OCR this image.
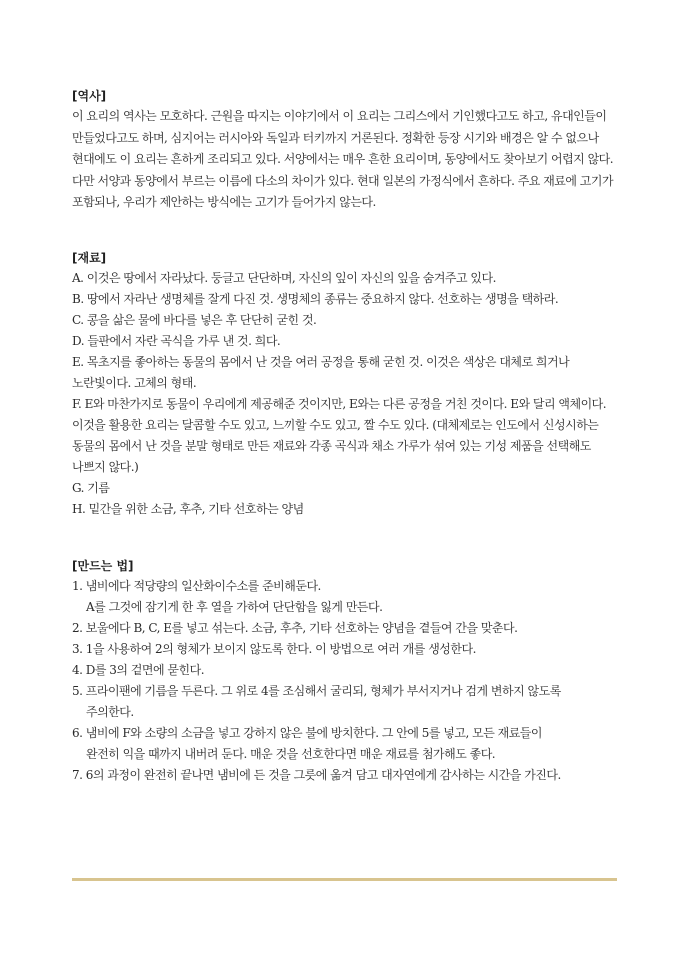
[역사]

이 요리의 역사는 모호하다. 근원을 따지는 이야기에서 이 요리는 그리스에서 기인했다고도 하고, 유대인들이 만들었다고도 하며, 심지어는 러시아와 독일과 터키까지 거론된다. 정확한 등장 시기와 배경은 알 수 없으나 현대에도 이 요리는 흔하게 조리되고 있다. 서양에서는 매우 흔한 요리이며, 동양에서도 찾아보기 어렵지 않다. 다만 서양과 동양에서 부르는 이름에 다소의 차이가 있다. 현대 일본의 가정식에서 흔하다. 주요 재료에 고기가 포함되나, 우리가 제안하는 방식에는 고기가 들어가지 않는다.

[재료]
A. 이것은 땅에서 자라났다. 둥글고 단단하며, 자신의 잎이 자신의 잎을 숨겨주고 있다.
B. 땅에서 자라난 생명체를 잘게 다진 것. 생명체의 종류는 중요하지 않다. 선호하는 생명을 택하라.
C. 콩을 삶은 물에 바다를 넣은 후 단단히 굳힌 것.
D. 들판에서 자란 곡식을 가루 낸 것. 희다.
E. 목초지를 좋아하는 동물의 몸에서 난 것을 여러 공정을 통해 굳힌 것. 이것은 색상은 대체로 희거나 노란빛이다. 고체의 형태.
F. E와 마찬가지로 동물이 우리에게 제공해준 것이지만, E와는 다른 공정을 거친 것이다. E와 달리 액체이다. 이것을 활용한 요리는 달콤할 수도 있고, 느끼할 수도 있고, 짤 수도 있다. (대체제로는 인도에서 신성시하는 동물의 몸에서 난 것을 분말 형태로 만든 재료와 각종 곡식과 채소 가루가 섞여 있는 기성 제품을 선택해도 나쁘지 않다.)
G. 기름
H. 밑간을 위한 소금, 후추, 기타 선호하는 양념
[만드는 법]
1. 냄비에다 적당량의 일산화이수소를 준비해둔다.
A를 그것에 잠기게 한 후 열을 가하여 단단함을 잃게 만든다.
2. 보울에다 B, C, E를 넣고 섞는다. 소금, 후추, 기타 선호하는 양념을 곁들여 간을 맞춘다.
3. 1을 사용하여 2의 형체가 보이지 않도록 한다. 이 방법으로 여러 개를 생성한다.
4. D를 3의 겉면에 묻힌다.
5. 프라이팬에 기름을 두른다. 그 위로 4를 조심해서 굴리되, 형체가 부서지거나 검게 변하지 않도록
주의한다.
6. 냄비에 F와 소량의 소금을 넣고 강하지 않은 불에 방치한다. 그 안에 5를 넣고, 모든 재료들이
완전히 익을 때까지 내버려 둔다. 매운 것을 선호한다면 매운 재료를 첨가해도 좋다.
7. 6의 과정이 완전히 끝나면 냄비에 든 것을 그릇에 옮겨 담고 대자연에게 감사하는 시간을 가진다.
